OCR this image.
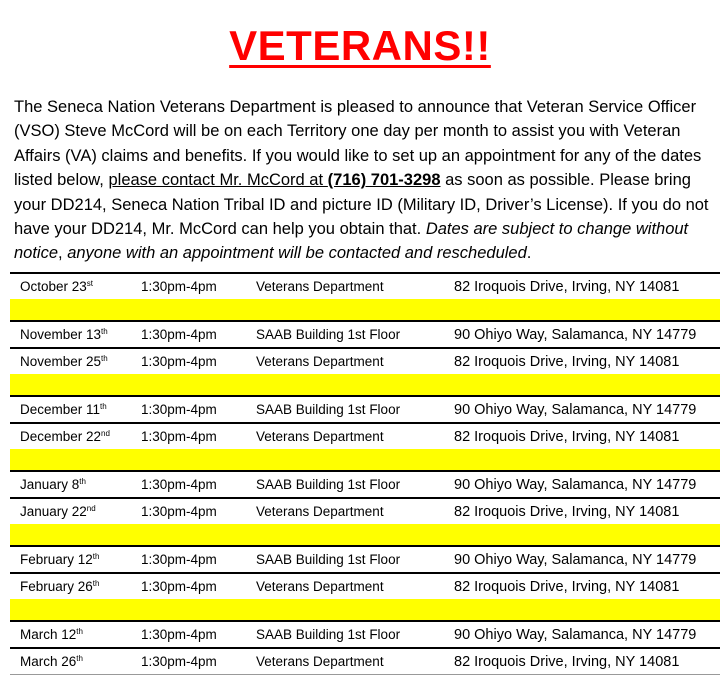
VETERANS!!
The Seneca Nation Veterans Department is pleased to announce that Veteran Service Officer (VSO) Steve McCord will be on each Territory one day per month to assist you with Veteran Affairs (VA) claims and benefits. If you would like to set up an appointment for any of the dates listed below, please contact Mr. McCord at (716) 701-3298 as soon as possible. Please bring your DD214, Seneca Nation Tribal ID and picture ID (Military ID, Driver’s License). If you do not have your DD214, Mr. McCord can help you obtain that. Dates are subject to change without notice, anyone with an appointment will be contacted and rescheduled.
October 23st	1:30pm-4pm	Veterans Department	82 Iroquois Drive, Irving, NY 14081

November 13th	1:30pm-4pm	SAAB Building 1st Floor	90 Ohiyo Way, Salamanca, NY 14779
November 25th	1:30pm-4pm	Veterans Department	82 Iroquois Drive, Irving, NY 14081

December 11th	1:30pm-4pm	SAAB Building 1st Floor	90 Ohiyo Way, Salamanca, NY 14779
December 22nd	1:30pm-4pm	Veterans Department	82 Iroquois Drive, Irving, NY 14081

January 8th	1:30pm-4pm	SAAB Building 1st Floor	90 Ohiyo Way, Salamanca, NY 14779
January 22nd	1:30pm-4pm	Veterans Department	82 Iroquois Drive, Irving, NY 14081

February 12th	1:30pm-4pm	SAAB Building 1st Floor	90 Ohiyo Way, Salamanca, NY 14779
February 26th	1:30pm-4pm	Veterans Department	82 Iroquois Drive, Irving, NY 14081

March 12th	1:30pm-4pm	SAAB Building 1st Floor	90 Ohiyo Way, Salamanca, NY 14779
March 26th	1:30pm-4pm	Veterans Department	82 Iroquois Drive, Irving, NY 14081
